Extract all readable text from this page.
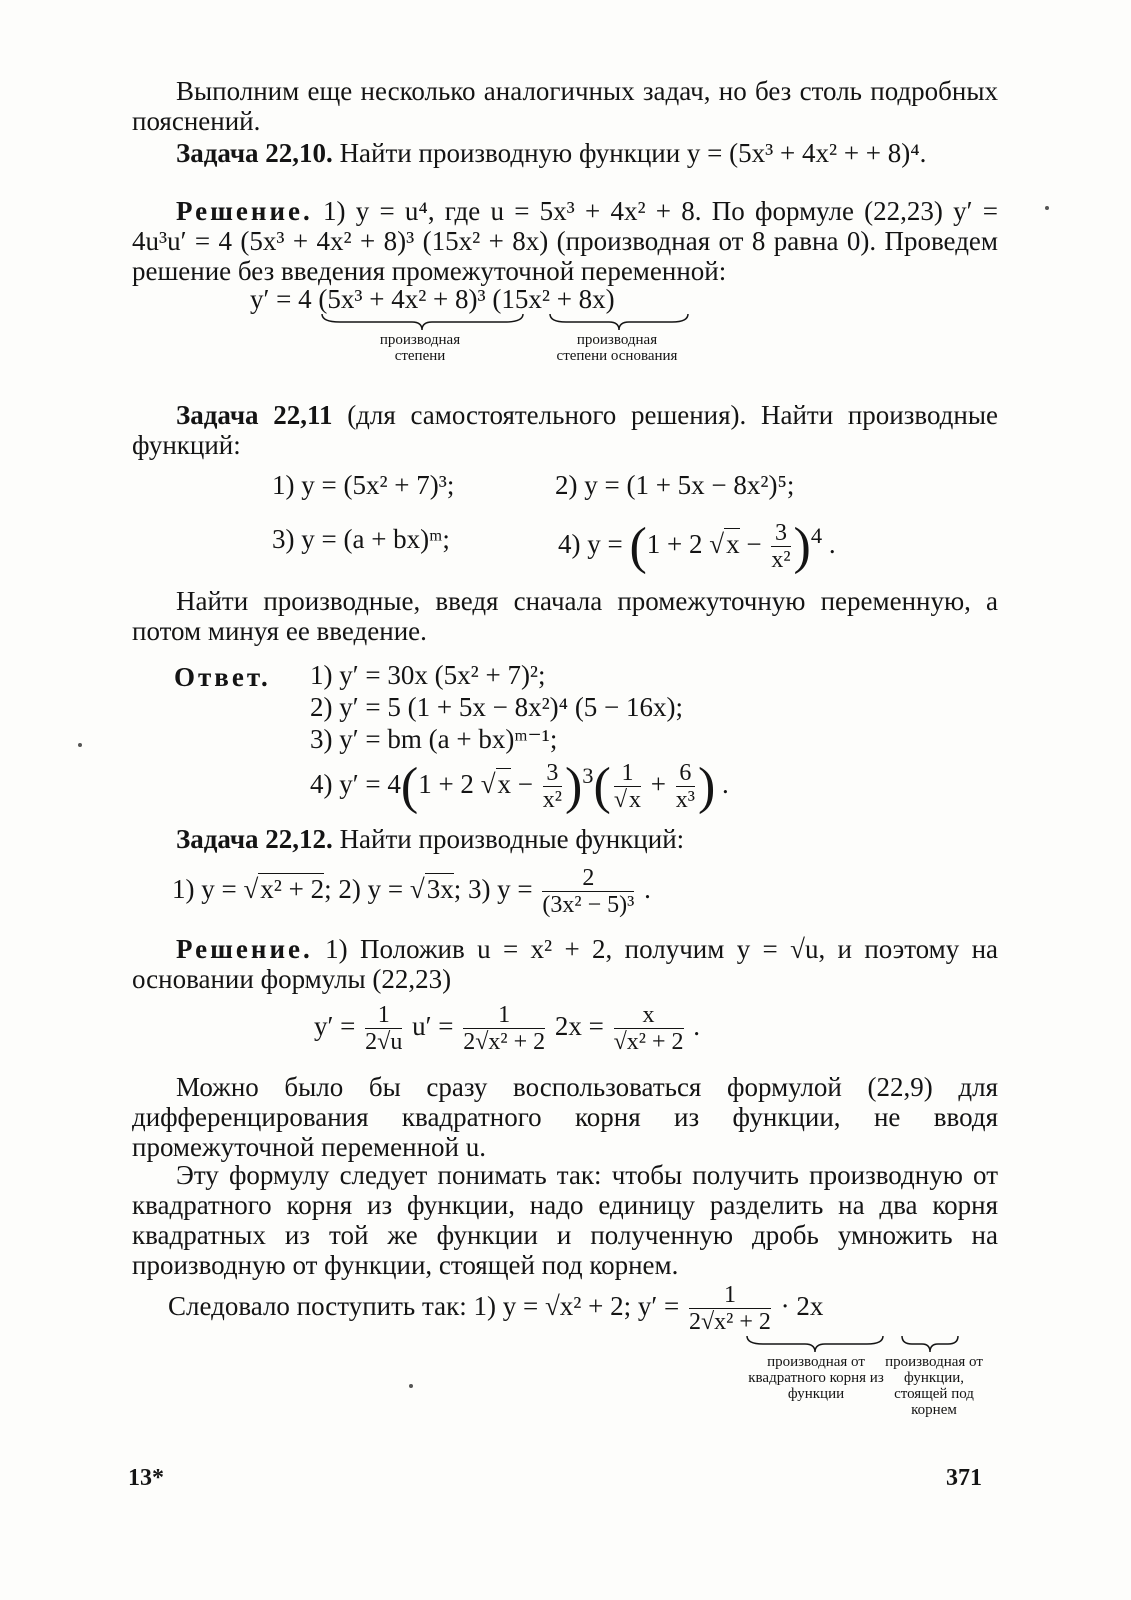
Выполним еще несколько аналогичных задач, но без столь подробных пояснений.

Задача 22,10. Найти производную функции y = (5x³ + 4x² + + 8)⁴.

Решение. 1) y = u⁴, где u = 5x³ + 4x² + 8. По формуле (22,23) y′ = 4u³u′ = 4 (5x³ + 4x² + 8)³ (15x² + 8x) (производная от 8 равна 0). Проведем решение без введения промежуточной переменной:

y′ = 4 (5x³ + 4x² + 8)³ (15x² + 8x)
производная степени
производная степени основания

Задача 22,11 (для самостоятельного решения). Найти производные функций:

1) y = (5x² + 7)³;	2) y = (1 + 5x − 8x²)⁵;
3) y = (a + bx)ᵐ;	4) y = (1 + 2 $√x - \frac{3}{\text{x²}} )^4$ .

Найти производные, введя сначала промежуточную переменную, а потом минуя ее введение.

Ответ. 1) y′ = 30x (5x² + 7)²;
2) y′ = 5 (1 + 5x − 8x²)⁴ (5 − 16x);
3) y′ = bm (a + bx)ᵐ⁻¹;
4) y′ = 4(1 + 2 $√x - \frac{3}{\text{x²}} )^3( \frac{1}{√x} + \frac{6}{\text{x³}}$ ) .

Задача 22,12. Найти производные функций:

1) y = √x² + 2; 2) y = √3x; 3) $y = \frac{2}{\text{(3x² − 5)³}}$ .

Решение. 1) Положив u = x² + 2, получим y = √u, и поэтому на основании формулы (22,23)

$y' = \frac{1}{2√u} u' = \frac{1}{\text{2√x² + 2}} 2x = \frac{x}{\text{√x² + 2}}$ .

Можно было бы сразу воспользоваться формулой (22,9) для дифференцирования квадратного корня из функции, не вводя промежуточной переменной u.

Эту формулу следует понимать так: чтобы получить производную от квадратного корня из функции, надо единицу разделить на два корня квадратных из той же функции и полученную дробь умножить на производную от функции, стоящей под корнем.

Следовало поступить так: 1) y = √x² + 2; $y' = \frac{1}{\text{2√x² + 2}} \cdot 2x$
производная от квадратного корня из функции
производная от функции, стоящей под корнем
13*	371
